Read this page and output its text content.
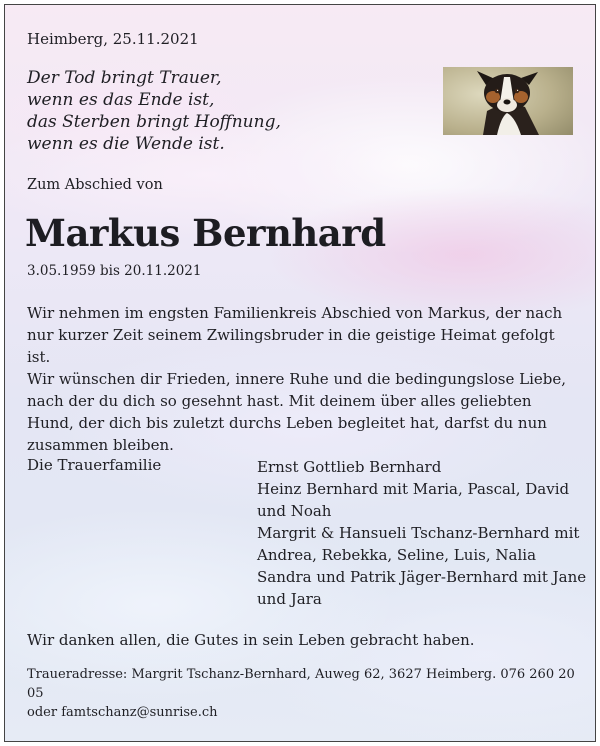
Heimberg, 25.11.2021

Der Tod bringt Trauer,
wenn es das Ende ist,
das Sterben bringt Hoffnung,
wenn es die Wende ist.

Zum Abschied von

Markus Bernhard

3.05.1959 bis 20.11.2021

Wir nehmen im engsten Familienkreis Abschied von Markus, der nach nur kurzer Zeit seinem Zwilingsbruder in die geistige Heimat gefolgt ist.

Wir wünschen dir Frieden, innere Ruhe und die bedingungslose Liebe, nach der du dich so gesehnt hast. Mit deinem über alles geliebten Hund, der dich bis zuletzt durchs Leben begleitet hat, darfst du nun zusammen bleiben.

Die Trauerfamilie	Ernst Gottlieb Bernhard
Heinz Bernhard mit Maria, Pascal, David und Noah
Margrit & Hansueli Tschanz-Bernhard mit Andrea, Rebekka, Seline, Luis, Nalia
Sandra und Patrik Jäger-Bernhard mit Jane und Jara

Wir danken allen, die Gutes in sein Leben gebracht haben.

Traueradresse: Margrit Tschanz-Bernhard, Auweg 62, 3627 Heimberg. 076 260 20 05
oder famtschanz@sunrise.ch
